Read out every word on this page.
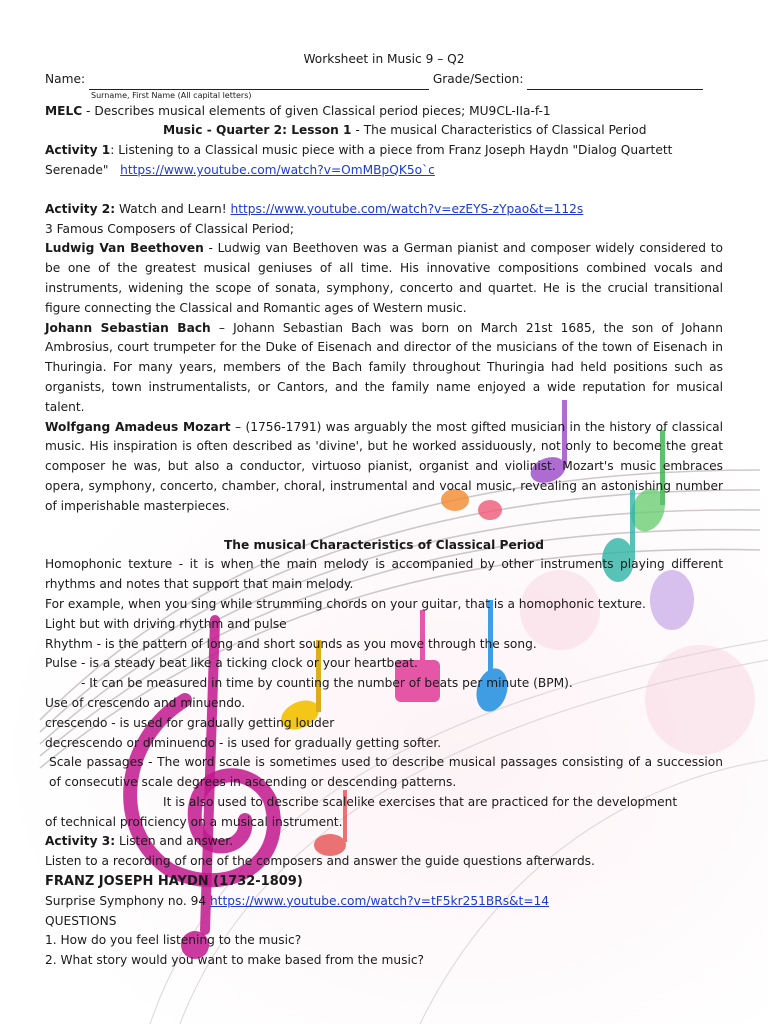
Worksheet in Music 9 – Q2
Name:	Grade/Section:
Surname, First Name (All capital letters)
MELC - Describes musical elements of given Classical period pieces; MU9CL-IIa-f-1
Music - Quarter 2: Lesson 1 - The musical Characteristics of Classical Period
Activity 1: Listening to a Classical music piece with a piece from Franz Joseph Haydn "Dialog Quartett
Serenade" https://www.youtube.com/watch?v=OmMBpQK5o`c
Activity 2: Watch and Learn! https://www.youtube.com/watch?v=ezEYS-zYpao&t=112s
3 Famous Composers of Classical Period;
Ludwig Van Beethoven - Ludwig van Beethoven was a German pianist and composer widely considered to be one of the greatest musical geniuses of all time. His innovative compositions combined vocals and instruments, widening the scope of sonata, symphony, concerto and quartet. He is the crucial transitional figure connecting the Classical and Romantic ages of Western music.
Johann Sebastian Bach – Johann Sebastian Bach was born on March 21st 1685, the son of Johann Ambrosius, court trumpeter for the Duke of Eisenach and director of the musicians of the town of Eisenach in Thuringia. For many years, members of the Bach family throughout Thuringia had held positions such as organists, town instrumentalists, or Cantors, and the family name enjoyed a wide reputation for musical talent.
Wolfgang Amadeus Mozart – (1756-1791) was arguably the most gifted musician in the history of classical music. His inspiration is often described as 'divine', but he worked assiduously, not only to become the great composer he was, but also a conductor, virtuoso pianist, organist and violinist. Mozart's music embraces opera, symphony, concerto, chamber, choral, instrumental and vocal music, revealing an astonishing number of imperishable masterpieces.
The musical Characteristics of Classical Period
Homophonic texture - it is when the main melody is accompanied by other instruments playing different rhythms and notes that support that main melody.
For example, when you sing while strumming chords on your guitar, that is a homophonic texture.
Light but with driving rhythm and pulse
Rhythm - is the pattern of long and short sounds as you move through the song.
Pulse - is a steady beat like a ticking clock or your heartbeat.
- It can be measured in time by counting the number of beats per minute (BPM).
Use of crescendo and minuendo.
crescendo - is used for gradually getting louder
decrescendo or diminuendo - is used for gradually getting softer.
Scale passages - The word scale is sometimes used to describe musical passages consisting of a succession of consecutive scale degrees in ascending or descending patterns.
It is also used to describe scalelike exercises that are practiced for the development
of technical proficiency on a musical instrument.
Activity 3: Listen and answer.
Listen to a recording of one of the composers and answer the guide questions afterwards.
FRANZ JOSEPH HAYDN (1732-1809)
Surprise Symphony no. 94 https://www.youtube.com/watch?v=tF5kr251BRs&t=14
QUESTIONS
1. How do you feel listening to the music?
2. What story would you want to make based from the music?
